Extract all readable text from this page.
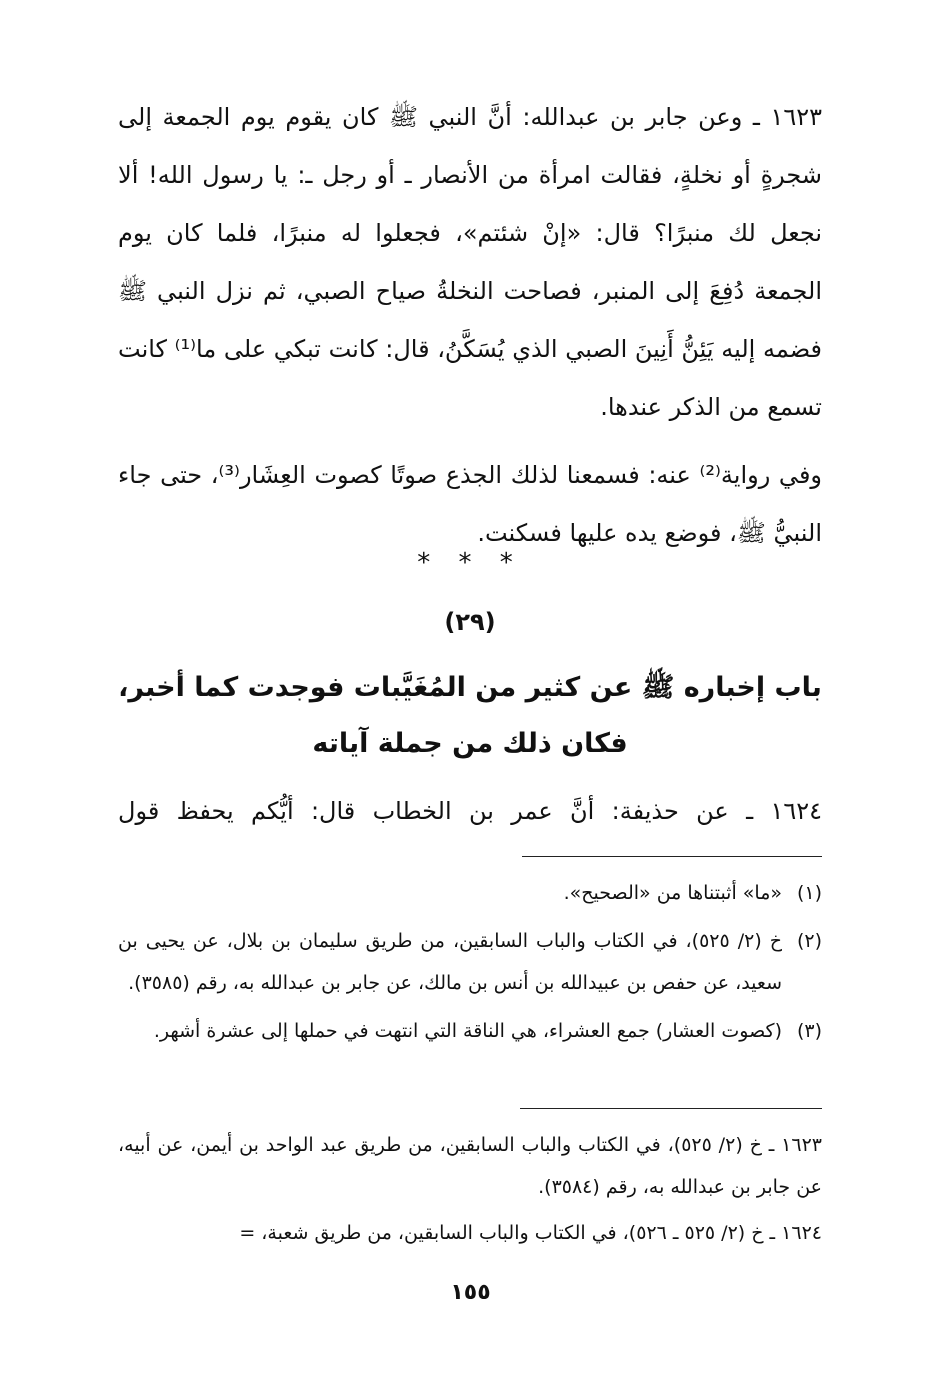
١٦٢٣ ـ وعن جابر بن عبدالله: أنَّ النبي ﷺ كان يقوم يوم الجمعة إلى شجرةٍ أو نخلةٍ، فقالت امرأة من الأنصار ـ أو رجل ـ: يا رسول الله! ألا نجعل لك منبرًا؟ قال: «إنْ شئتم»، فجعلوا له منبرًا، فلما كان يوم الجمعة دُفِعَ إلى المنبر، فصاحت النخلةُ صياح الصبي، ثم نزل النبي ﷺ فضمه إليه يَئِنُّ أَنِينَ الصبي الذي يُسَكَّنُ، قال: كانت تبكي على ما⁽¹⁾ كانت تسمع من الذكر عندها.

وفي رواية⁽²⁾ عنه: فسمعنا لذلك الجذع صوتًا كصوت العِشَار⁽³⁾، حتى جاء النبيُّ ﷺ، فوضع يده عليها فسكنت.

* * *
(٢٩)
باب إخباره ﷺ عن كثير من المُغَيَّبات فوجدت كما أخبر،
فكان ذلك من جملة آياته

١٦٢٤ ـ عن حذيفة: أنَّ عمر بن الخطاب قال: أيُّكم يحفظ قول

(١)
«ما» أثبتناها من «الصحيح».
(٢)
خ (٢/ ٥٢٥)، في الكتاب والباب السابقين، من طريق سليمان بن بلال، عن يحيى بن سعيد، عن حفص بن عبيدالله بن أنس بن مالك، عن جابر بن عبدالله به، رقم (٣٥٨٥).
(٣)
(كصوت العشار) جمع العشراء، هي الناقة التي انتهت في حملها إلى عشرة أشهر.

١٦٢٣ ـ خ (٢/ ٥٢٥)، في الكتاب والباب السابقين، من طريق عبد الواحد بن أيمن، عن أبيه، عن جابر بن عبدالله به، رقم (٣٥٨٤).

١٦٢٤ ـ خ (٢/ ٥٢٥ ـ ٥٢٦)، في الكتاب والباب السابقين، من طريق شعبة، =

١٥٥
